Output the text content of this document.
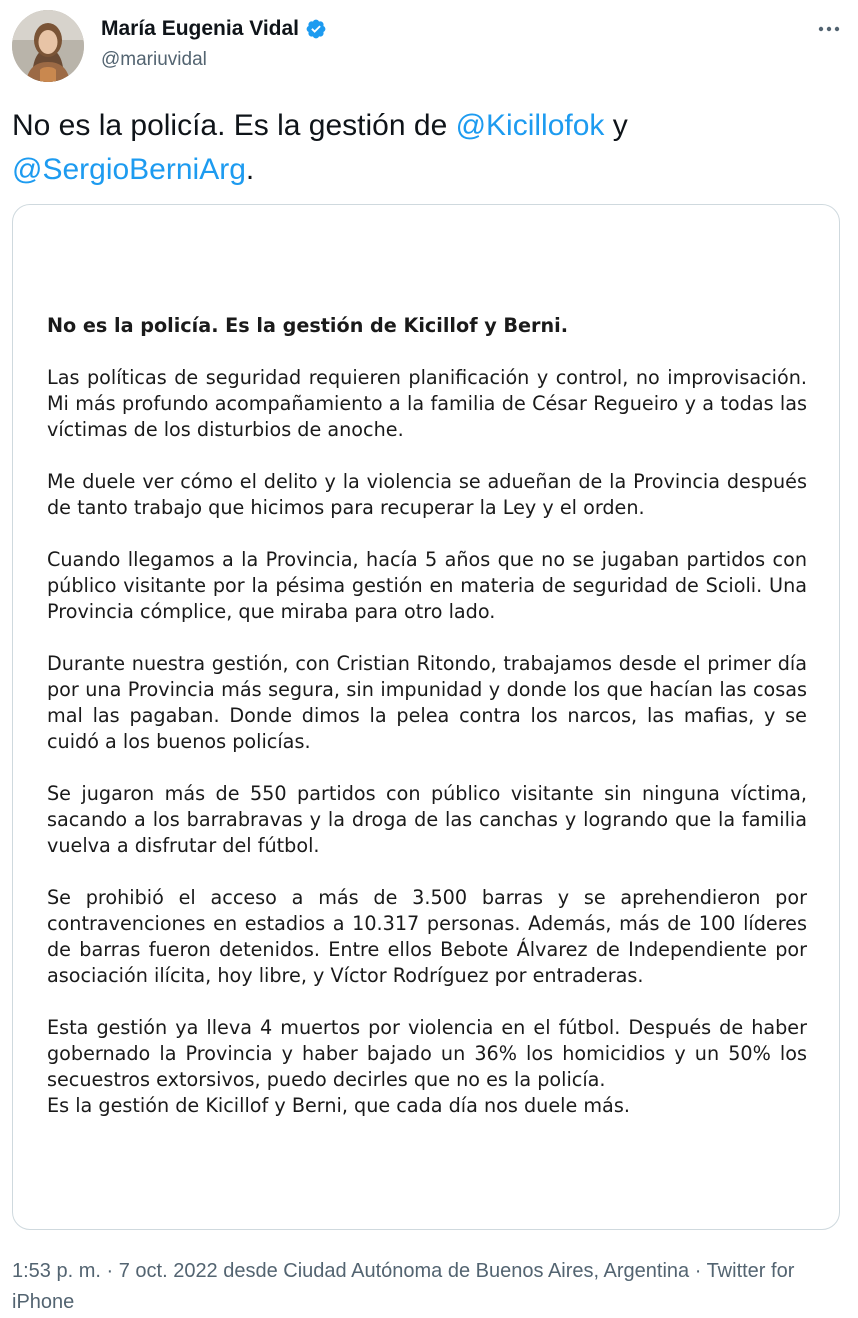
María Eugenia Vidal
@mariuvidal
No es la policía. Es la gestión de @Kicillofok y
@SergioBerniArg.

No es la policía. Es la gestión de Kicillof y Berni.

Las políticas de seguridad requieren planificación y control, no improvisación. Mi más profundo acompañamiento a la familia de César Regueiro y a todas las víctimas de los disturbios de anoche.

Me duele ver cómo el delito y la violencia se adueñan de la Provincia después de tanto trabajo que hicimos para recuperar la Ley y el orden.

Cuando llegamos a la Provincia, hacía 5 años que no se jugaban partidos con público visitante por la pésima gestión en materia de seguridad de Scioli. Una Provincia cómplice, que miraba para otro lado.

Durante nuestra gestión, con Cristian Ritondo, trabajamos desde el primer día por una Provincia más segura, sin impunidad y donde los que hacían las cosas mal las pagaban. Donde dimos la pelea contra los narcos, las mafias, y se cuidó a los buenos policías.

Se jugaron más de 550 partidos con público visitante sin ninguna víctima, sacando a los barrabravas y la droga de las canchas y logrando que la familia vuelva a disfrutar del fútbol.

Se prohibió el acceso a más de 3.500 barras y se aprehendieron por contravenciones en estadios a 10.317 personas. Además, más de 100 líderes de barras fueron detenidos. Entre ellos Bebote Álvarez de Independiente por asociación ilícita, hoy libre, y Víctor Rodríguez por entraderas.

Esta gestión ya lleva 4 muertos por violencia en el fútbol. Después de haber gobernado la Provincia y haber bajado un 36% los homicidios y un 50% los secuestros extorsivos, puedo decirles que no es la policía.
Es la gestión de Kicillof y Berni, que cada día nos duele más.

1:53 p. m. · 7 oct. 2022 desde Ciudad Autónoma de Buenos Aires, Argentina · Twitter for iPhone
